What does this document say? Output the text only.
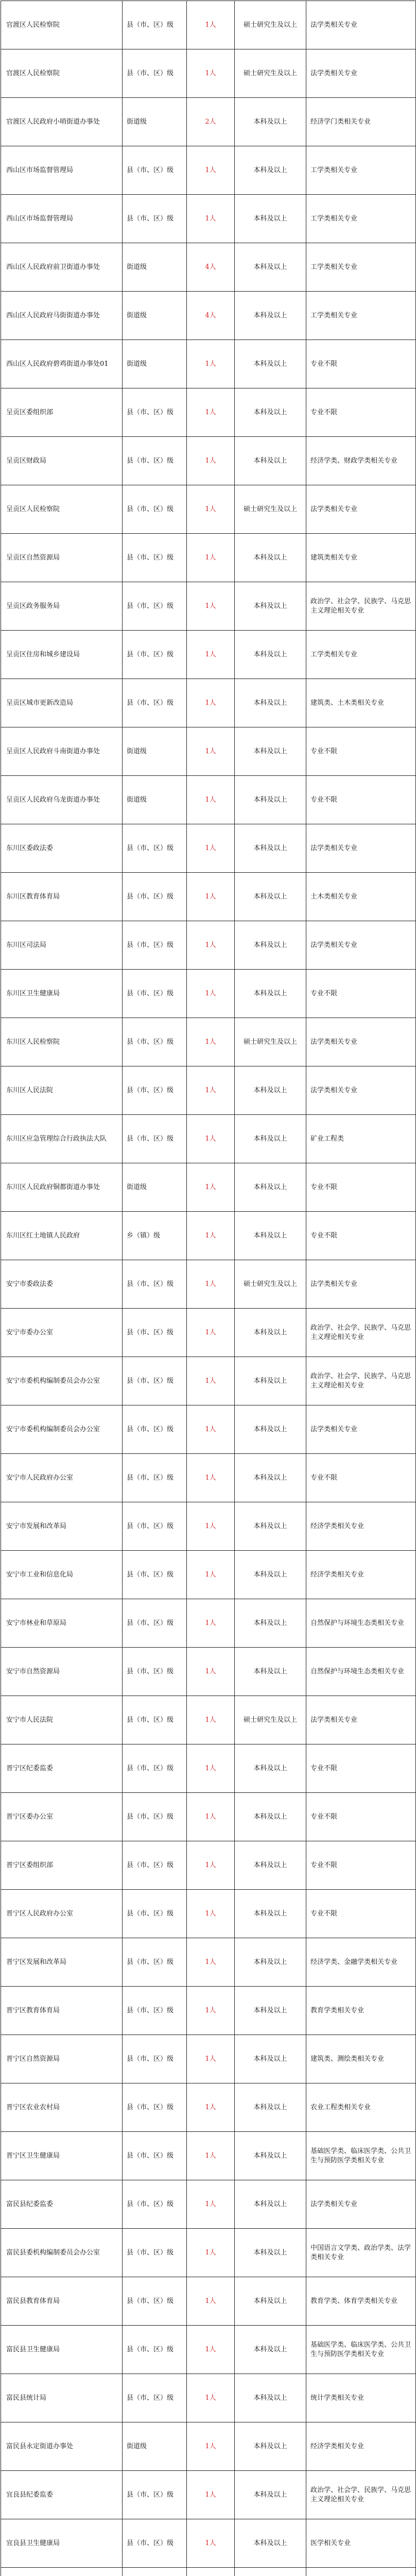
官渡区人民检察院	县（市、区）级	1人	硕士研究生及以上	法学类相关专业
官渡区人民检察院	县（市、区）级	1人	硕士研究生及以上	法学类相关专业
官渡区人民政府小哨街道办事处	街道级	2人	本科及以上	经济学门类相关专业
西山区市场监督管理局	县（市、区）级	1人	本科及以上	工学类相关专业
西山区市场监督管理局	县（市、区）级	1人	本科及以上	工学类相关专业
西山区人民政府前卫街道办事处	街道级	4人	本科及以上	工学类相关专业
西山区人民政府马街街道办事处	街道级	4人	本科及以上	工学类相关专业
西山区人民政府碧鸡街道办事处01	街道级	1人	本科及以上	专业不限
呈贡区委组织部	县（市、区）级	1人	本科及以上	专业不限
呈贡区财政局	县（市、区）级	1人	本科及以上	经济学类、财政学类相关专业
呈贡区人民检察院	县（市、区）级	1人	硕士研究生及以上	法学类相关专业
呈贡区自然资源局	县（市、区）级	1人	本科及以上	建筑类相关专业
呈贡区政务服务局	县（市、区）级	1人	本科及以上	政治学、社会学、民族学、马克思主义理论相关专业
呈贡区住房和城乡建设局	县（市、区）级	1人	本科及以上	工学类相关专业
呈贡区城市更新改造局	县（市、区）级	1人	本科及以上	建筑类、土木类相关专业
呈贡区人民政府斗南街道办事处	街道级	1人	本科及以上	专业不限
呈贡区人民政府乌龙街道办事处	街道级	1人	本科及以上	专业不限
东川区委政法委	县（市、区）级	1人	本科及以上	法学类相关专业
东川区教育体育局	县（市、区）级	1人	本科及以上	土木类相关专业
东川区司法局	县（市、区）级	1人	本科及以上	法学类相关专业
东川区卫生健康局	县（市、区）级	1人	本科及以上	专业不限
东川区人民检察院	县（市、区）级	1人	硕士研究生及以上	法学类相关专业
东川区人民法院	县（市、区）级	1人	本科及以上	法学类相关专业
东川区应急管理综合行政执法大队	县（市、区）级	1人	本科及以上	矿业工程类
东川区人民政府铜都街道办事处	街道级	1人	本科及以上	专业不限
东川区红土地镇人民政府	乡（镇）级	1人	本科及以上	专业不限
安宁市委政法委	县（市、区）级	1人	硕士研究生及以上	法学类相关专业
安宁市委办公室	县（市、区）级	1人	本科及以上	政治学、社会学、民族学、马克思主义理论相关专业
安宁市委机构编制委员会办公室	县（市、区）级	1人	本科及以上	政治学、社会学、民族学、马克思主义理论相关专业
安宁市委机构编制委员会办公室	县（市、区）级	1人	本科及以上	法学类相关专业
安宁市人民政府办公室	县（市、区）级	1人	本科及以上	专业不限
安宁市发展和改革局	县（市、区）级	1人	本科及以上	经济学类相关专业
安宁市工业和信息化局	县（市、区）级	1人	本科及以上	经济学类相关专业
安宁市林业和草原局	县（市、区）级	1人	本科及以上	自然保护与环境生态类相关专业
安宁市自然资源局	县（市、区）级	1人	本科及以上	自然保护与环境生态类相关专业
安宁市人民法院	县（市、区）级	1人	硕士研究生及以上	法学类相关专业
晋宁区纪委监委	县（市、区）级	1人	本科及以上	专业不限
晋宁区委办公室	县（市、区）级	1人	本科及以上	专业不限
晋宁区委组织部	县（市、区）级	1人	本科及以上	专业不限
晋宁区人民政府办公室	县（市、区）级	1人	本科及以上	专业不限
晋宁区发展和改革局	县（市、区）级	1人	本科及以上	经济学类、金融学类相关专业
晋宁区教育体育局	县（市、区）级	1人	本科及以上	教育学类相关专业
晋宁区自然资源局	县（市、区）级	1人	本科及以上	建筑类、测绘类相关专业
晋宁区农业农村局	县（市、区）级	1人	本科及以上	农业工程类相关专业
晋宁区卫生健康局	县（市、区）级	1人	本科及以上	基础医学类、临床医学类、公共卫生与预防医学类相关专业
富民县纪委监委	县（市、区）级	1人	本科及以上	法学类相关专业
富民县委机构编制委员会办公室	县（市、区）级	1人	本科及以上	中国语言文学类、政治学类、法学类相关专业
富民县教育体育局	县（市、区）级	1人	本科及以上	教育学类、体育学类相关专业
富民县卫生健康局	县（市、区）级	1人	本科及以上	基础医学类、临床医学类、公共卫生与预防医学类相关专业
富民县统计局	县（市、区）级	1人	本科及以上	统计学类相关专业
富民县永定街道办事处	街道级	1人	本科及以上	经济学类相关专业
宜良县纪委监委	县（市、区）级	1人	本科及以上	政治学、社会学、民族学、马克思主义理论相关专业
宜良县卫生健康局	县（市、区）级	1人	本科及以上	医学相关专业
